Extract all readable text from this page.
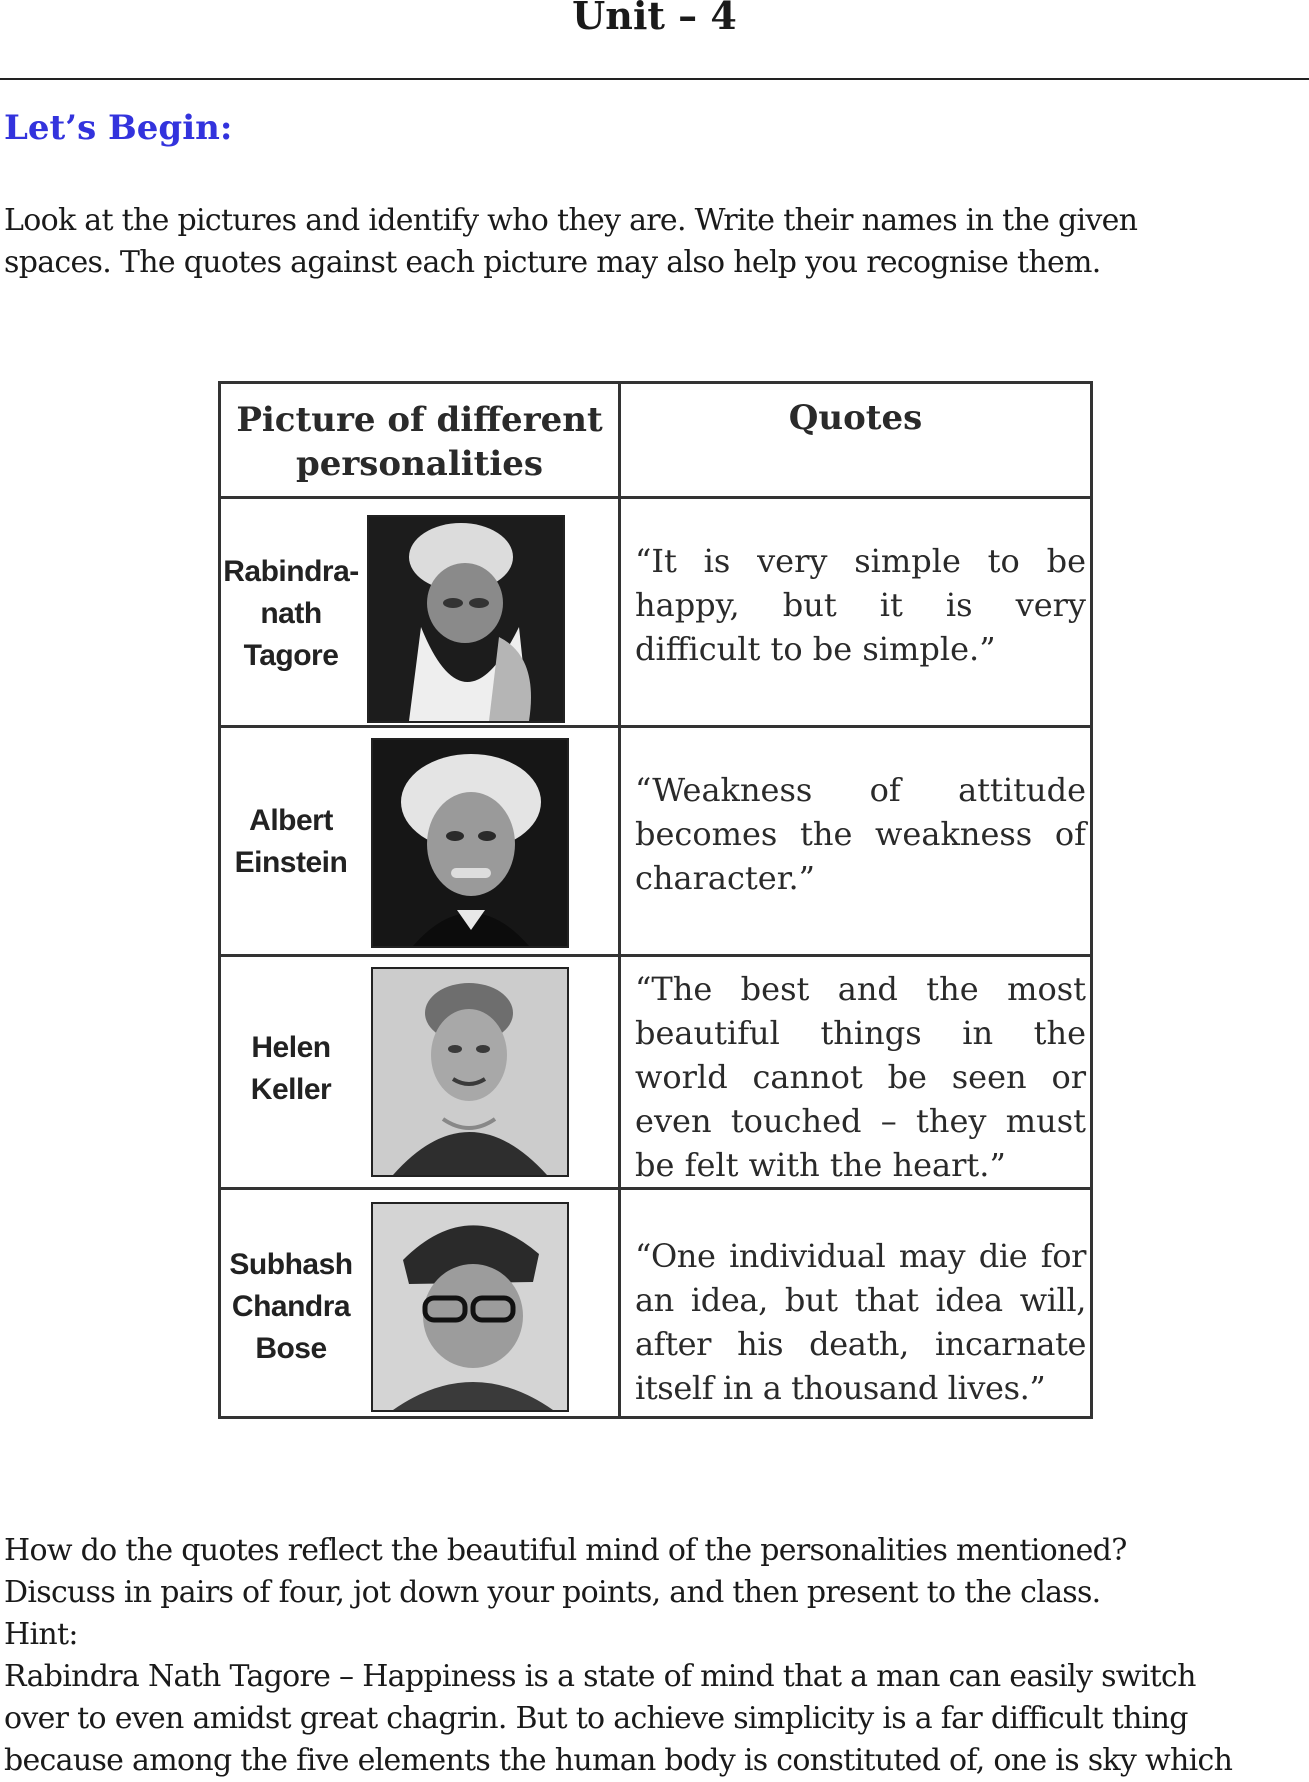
Unit – 4
Let’s Begin:

Look at the pictures and identify who they are. Write their names in the given

spaces. The quotes against each picture may also help you recognise them.

Picture of different
personalities	Quotes

Rabindra-
nath
Tagore	“It is very simple to be happy, but it is very difficult to be simple.”

Albert
Einstein	“Weakness of attitude becomes the weakness of character.”

Helen
Keller	“The best and the most beautiful things in the world cannot be seen or even touched – they must be felt with the heart.”

Subhash
Chandra
Bose	“One individual may die for an idea, but that idea will, after his death, incarnate itself in a thousand lives.”

How do the quotes reflect the beautiful mind of the personalities mentioned?

Discuss in pairs of four, jot down your points, and then present to the class.

Hint:

Rabindra Nath Tagore – Happiness is a state of mind that a man can easily switch

over to even amidst great chagrin. But to achieve simplicity is a far difficult thing

because among the five elements the human body is constituted of, one is sky which
